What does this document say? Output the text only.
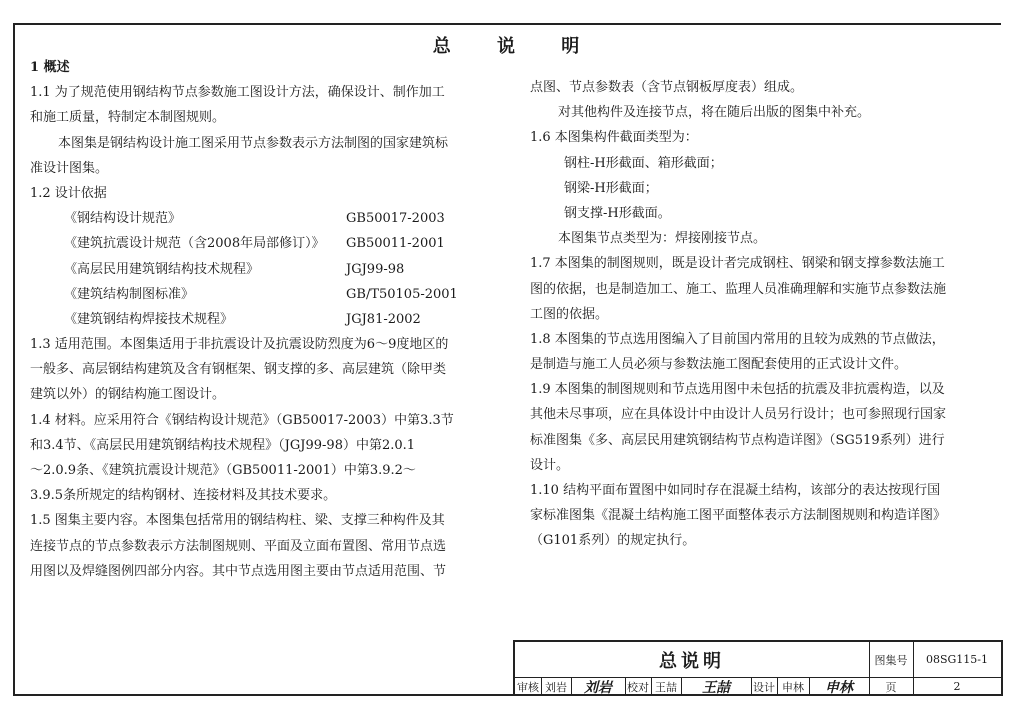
总 说 明
1 概述
1.1 为了规范使用钢结构节点参数施工图设计方法，确保设计、制作加工
和施工质量，特制定本制图规则。
本图集是钢结构设计施工图采用节点参数表示方法制图的国家建筑标
准设计图集。
1.2 设计依据
《钢结构设计规范》	GB50017-2003
《建筑抗震设计规范（含2008年局部修订）》	GB50011-2001
《高层民用建筑钢结构技术规程》	JGJ99-98
《建筑结构制图标准》	GB/T50105-2001
《建筑钢结构焊接技术规程》	JGJ81-2002
1.3 适用范围。本图集适用于非抗震设计及抗震设防烈度为6～9度地区的
一般多、高层钢结构建筑及含有钢框架、钢支撑的多、高层建筑（除甲类
建筑以外）的钢结构施工图设计。
1.4 材料。应采用符合《钢结构设计规范》（GB50017-2003）中第3.3节
和3.4节、《高层民用建筑钢结构技术规程》（JGJ99-98）中第2.0.1
～2.0.9条、《建筑抗震设计规范》（GB50011-2001）中第3.9.2～
3.9.5条所规定的结构钢材、连接材料及其技术要求。
1.5 图集主要内容。本图集包括常用的钢结构柱、梁、支撑三种构件及其
连接节点的节点参数表示方法制图规则、平面及立面布置图、常用节点选
用图以及焊缝图例四部分内容。其中节点选用图主要由节点适用范围、节
点图、节点参数表（含节点钢板厚度表）组成。
对其他构件及连接节点，将在随后出版的图集中补充。
1.6 本图集构件截面类型为：
钢柱-H形截面、箱形截面；
钢梁-H形截面；
钢支撑-H形截面。
本图集节点类型为：焊接刚接节点。
1.7 本图集的制图规则，既是设计者完成钢柱、钢梁和钢支撑参数法施工
图的依据，也是制造加工、施工、监理人员准确理解和实施节点参数法施
工图的依据。
1.8 本图集的节点选用图编入了目前国内常用的且较为成熟的节点做法，
是制造与施工人员必须与参数法施工图配套使用的正式设计文件。
1.9 本图集的制图规则和节点选用图中未包括的抗震及非抗震构造，以及
其他未尽事项，应在具体设计中由设计人员另行设计；也可参照现行国家
标准图集《多、高层民用建筑钢结构节点构造详图》（SG519系列）进行
设计。
1.10 结构平面布置图中如同时存在混凝土结构，该部分的表达按现行国
家标准图集《混凝土结构施工图平面整体表示方法制图规则和构造详图》
（G101系列）的规定执行。
总说明	图集号	08SG115-1
审核 刘岩	刘岩	校对 王喆	王喆	设计 申林	申林	页	2
